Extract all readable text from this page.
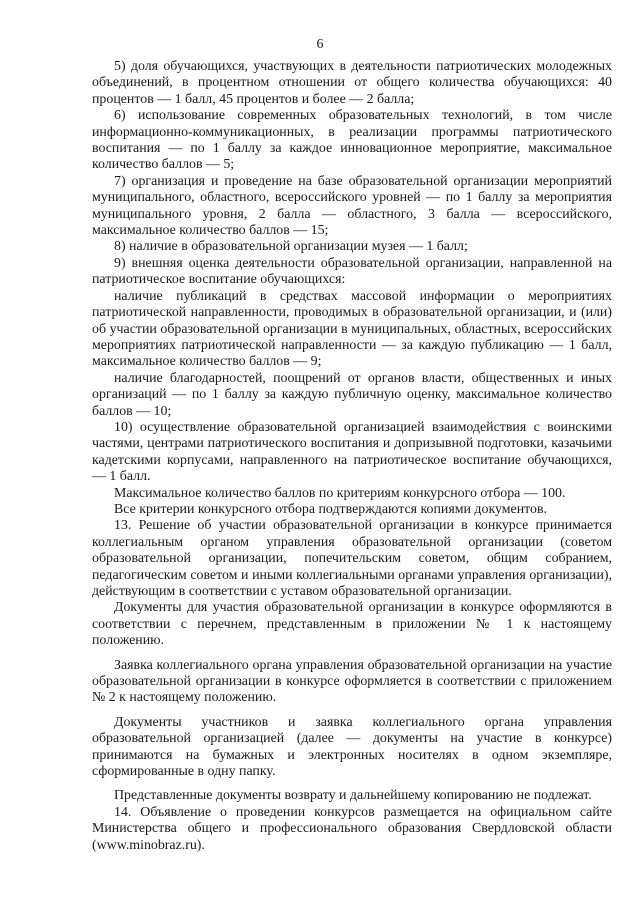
6

5) доля обучающихся, участвующих в деятельности патриотических молодежных объединений, в процентном отношении от общего количества обучающихся: 40 процентов — 1 балл, 45 процентов и более — 2 балла;

6) использование современных образовательных технологий, в том числе информационно-коммуникационных, в реализации программы патриотического воспитания — по 1 баллу за каждое инновационное мероприятие, максимальное количество баллов — 5;

7) организация и проведение на базе образовательной организации мероприятий муниципального, областного, всероссийского уровней — по 1 баллу за мероприятия муниципального уровня, 2 балла — областного, 3 балла — всероссийского, максимальное количество баллов — 15;

8) наличие в образовательной организации музея — 1 балл;

9) внешняя оценка деятельности образовательной организации, направленной на патриотическое воспитание обучающихся:

наличие публикаций в средствах массовой информации о мероприятиях патриотической направленности, проводимых в образовательной организации, и (или) об участии образовательной организации в муниципальных, областных, всероссийских мероприятиях патриотической направленности — за каждую публикацию — 1 балл, максимальное количество баллов — 9;

наличие благодарностей, поощрений от органов власти, общественных и иных организаций — по 1 баллу за каждую публичную оценку, максимальное количество баллов — 10;

10) осуществление образовательной организацией взаимодействия с воинскими частями, центрами патриотического воспитания и допризывной подготовки, казачьими кадетскими корпусами, направленного на патриотическое воспитание обучающихся, — 1 балл.

Максимальное количество баллов по критериям конкурсного отбора — 100.

Все критерии конкурсного отбора подтверждаются копиями документов.

13. Решение об участии образовательной организации в конкурсе принимается коллегиальным органом управления образовательной организации (советом образовательной организации, попечительским советом, общим собранием, педагогическим советом и иными коллегиальными органами управления организации), действующим в соответствии с уставом образовательной организации.

Документы для участия образовательной организации в конкурсе оформляются в соответствии с перечнем, представленным в приложении № 1 к настоящему положению.

Заявка коллегиального органа управления образовательной организации на участие образовательной организации в конкурсе оформляется в соответствии с приложением № 2 к настоящему положению.

Документы участников и заявка коллегиального органа управления образовательной организацией (далее — документы на участие в конкурсе) принимаются на бумажных и электронных носителях в одном экземпляре, сформированные в одну папку.

Представленные документы возврату и дальнейшему копированию не подлежат.

14. Объявление о проведении конкурсов размещается на официальном сайте Министерства общего и профессионального образования Свердловской области (www.minobraz.ru).
